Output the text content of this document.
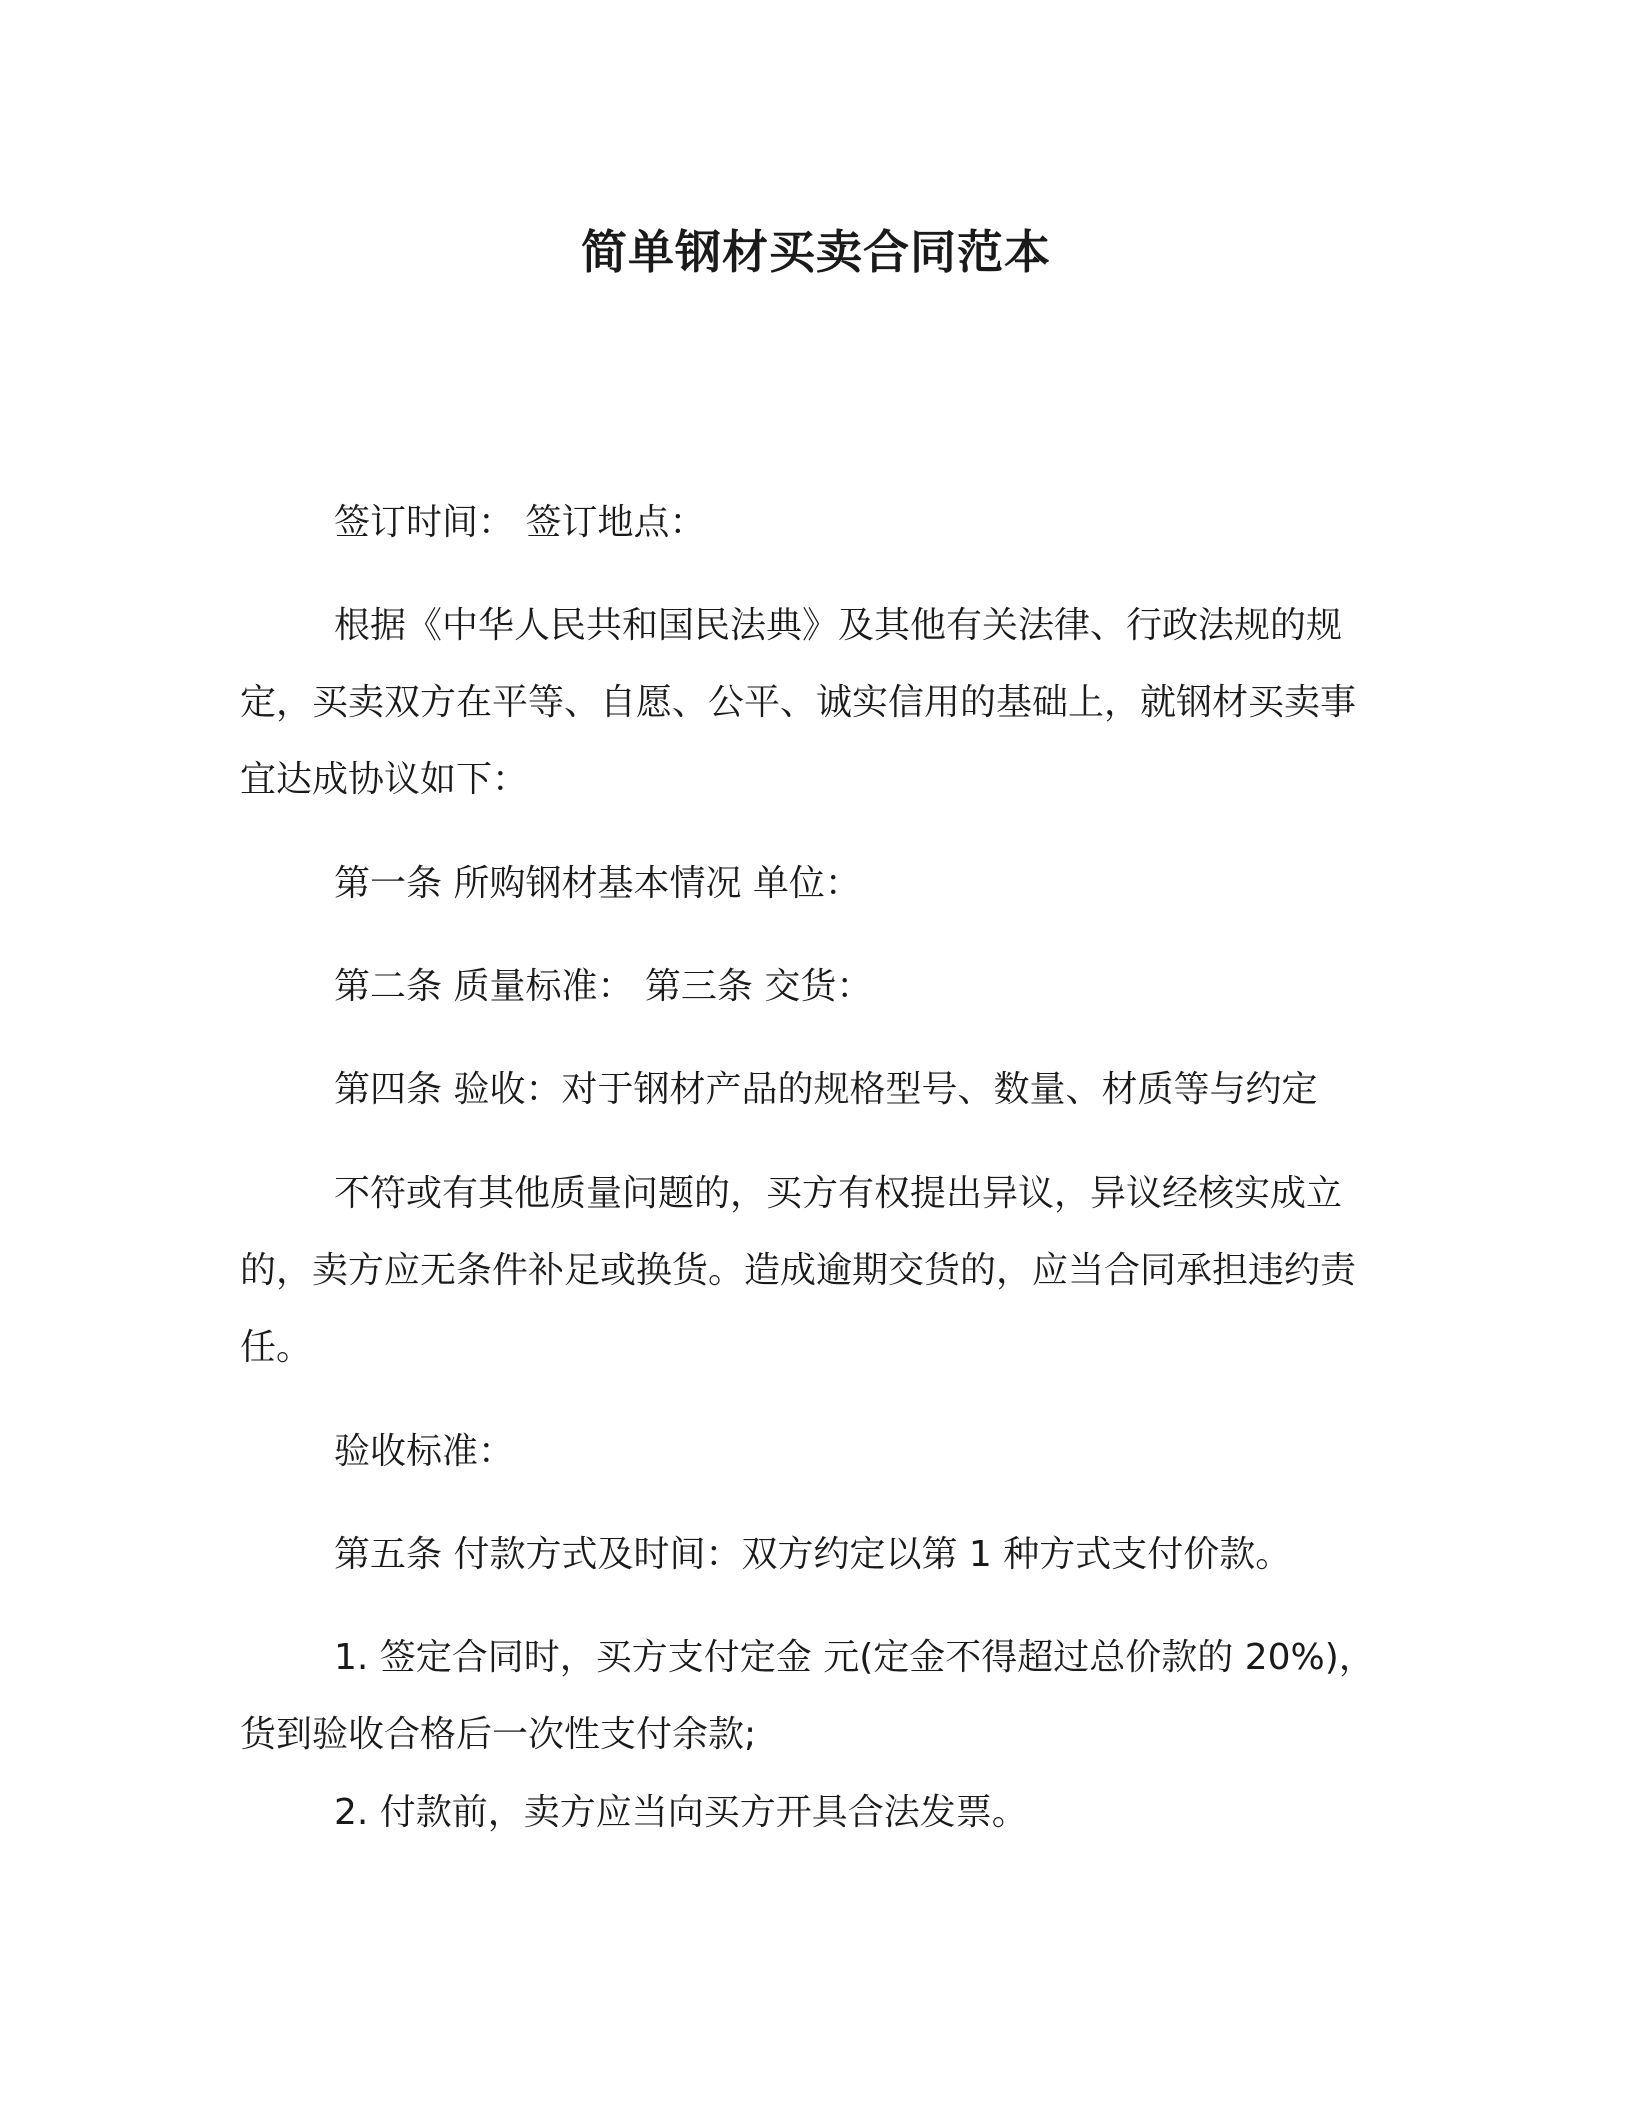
简单钢材买卖合同范本

签订时间： 签订地点：

根据《中华人民共和国民法典》及其他有关法律、行政法规的规定，买卖双方在平等、自愿、公平、诚实信用的基础上，就钢材买卖事宜达成协议如下：

第一条 所购钢材基本情况 单位：

第二条 质量标准： 第三条 交货：

第四条 验收：对于钢材产品的规格型号、数量、材质等与约定

不符或有其他质量问题的，买方有权提出异议，异议经核实成立的，卖方应无条件补足或换货。造成逾期交货的，应当合同承担违约责任。

验收标准：

第五条 付款方式及时间：双方约定以第 1 种方式支付价款。

1. 签定合同时，买方支付定金 元(定金不得超过总价款的 20%)，货到验收合格后一次性支付余款;

2. 付款前，卖方应当向买方开具合法发票。
